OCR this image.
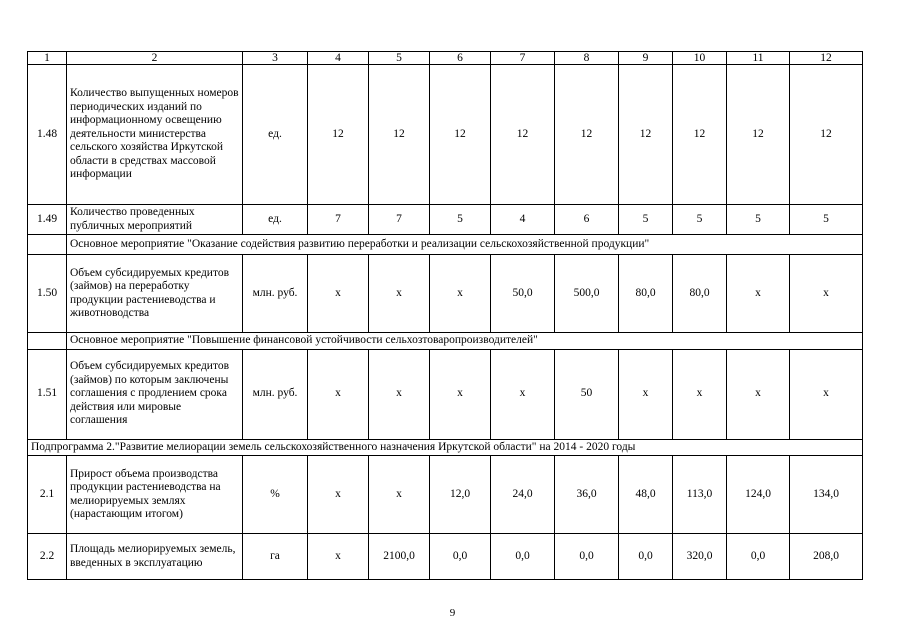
1	2	3	4	5	6	7	8	9	10	11	12
1.48	Количество выпущенных номеров периодических изданий по информационному освещению деятельности министерства сельского хозяйства Иркутской области в средствах массовой информации	ед.	12	12	12	12	12	12	12	12	12
1.49	Количество проведенных публичных мероприятий	ед.	7	7	5	4	6	5	5	5	5
	Основное мероприятие "Оказание содействия развитию переработки и реализации сельскохозяйственной продукции"										
1.50	Объем субсидируемых кредитов (займов) на переработку продукции растениеводства и животноводства	млн. руб.	х	х	х	50,0	500,0	80,0	80,0	х	х
	Основное мероприятие "Повышение финансовой устойчивости сельхозтоваропроизводителей"										
1.51	Объем субсидируемых кредитов (займов) по которым заключены соглашения с продлением срока действия или мировые соглашения	млн. руб.	х	х	х	х	50	х	х	х	х
Подпрограмма 2."Развитие мелиорации земель сельскохозяйственного назначения Иркутской области" на 2014 - 2020 годы											
2.1	Прирост объема производства продукции растениеводства на мелиорируемых землях (нарастающим итогом)	%	х	х	12,0	24,0	36,0	48,0	113,0	124,0	134,0
2.2	Площадь мелиорируемых земель, введенных в эксплуатацию	га	х	2100,0	0,0	0,0	0,0	0,0	320,0	0,0	208,0
9
